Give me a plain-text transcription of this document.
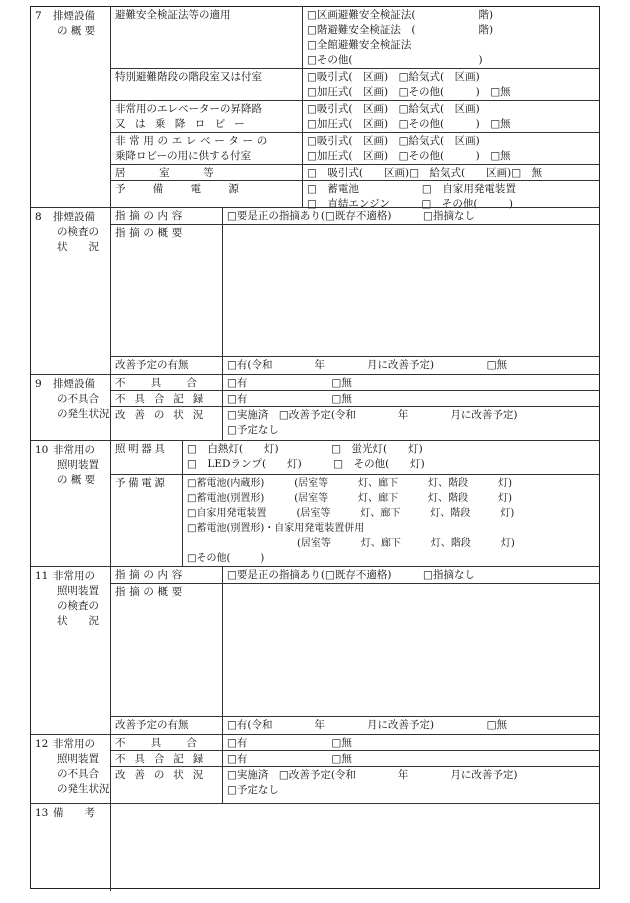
7 排煙設備
の 概 要
避難安全検証法等の適用	□区画避難安全検証法(　　　　　　階)
□階避難安全検証法　(　　　　　　階)
□全館避難安全検証法
□その他(　　　　　　　　　　　　)
特別避難階段の階段室又は付室	□吸引式(　区画)　□給気式(　区画)
□加圧式(　区画)　□その他(　　　)　□無
非常用のエレベーターの昇降路
又は乗降ロビー
□吸引式(　区画)　□給気式(　区画)
□加圧式(　区画)　□その他(　　　)　□無
非常用のエレベーターの
乗降ロビーの用に供する付室
□吸引式(　区画)　□給気式(　区画)
□加圧式(　区画)　□その他(　　　)　□無
居室等	□　吸引式(　　区画)□　給気式(　　区画)□　無
予備電源	□　蓄電池　　　　　　□　自家用発電装置
□　直結エンジン　　　□　その他(　　　)
8 排煙設備
の検査の
状　　況
指摘の内容	□要是正の指摘あり(□既存不適格)　　　□指摘なし
指摘の概要
改善予定の有無	□有(令和　　　　年　　　　月に改善予定)　　　　　□無
9 排煙設備
の不具合
の発生状況
不具合 □有　　　　　　　　□無
不具合記録	□有　　　　　　　　□無
改善の状況	□実施済　□改善予定(令和　　　　年　　　　月に改善予定)
□予定なし
10 非常用の
照明装置
の 概 要
照明器具	□　白熱灯(　　灯)　　　　　□　蛍光灯(　　灯)
□　LEDランプ(　　灯)　　　□　その他(　　灯)
予備電源	□蓄電池(内蔵形)　　　(居室等　　　灯、廊下　　　灯、階段　　　灯)
□蓄電池(別置形)　　　(居室等　　　灯、廊下　　　灯、階段　　　灯)
□自家用発電装置　　　(居室等　　　灯、廊下　　　灯、階段　　　灯)
□蓄電池(別置形)・自家用発電装置併用
　　　　　　　　　　　(居室等　　　灯、廊下　　　灯、階段　　　灯)
□その他(　　　)
11 非常用の
照明装置
の検査の
状　　況
指摘の内容	□要是正の指摘あり(□既存不適格)　　　□指摘なし
指摘の概要
改善予定の有無	□有(令和　　　　年　　　　月に改善予定)　　　　　□無
12 非常用の
照明装置
の不具合
の発生状況
不具合 □有　　　　　　　　□無
不具合記録	□有　　　　　　　　□無
改善の状況	□実施済　□改善予定(令和　　　　年　　　　月に改善予定)
□予定なし
13 備　　考
